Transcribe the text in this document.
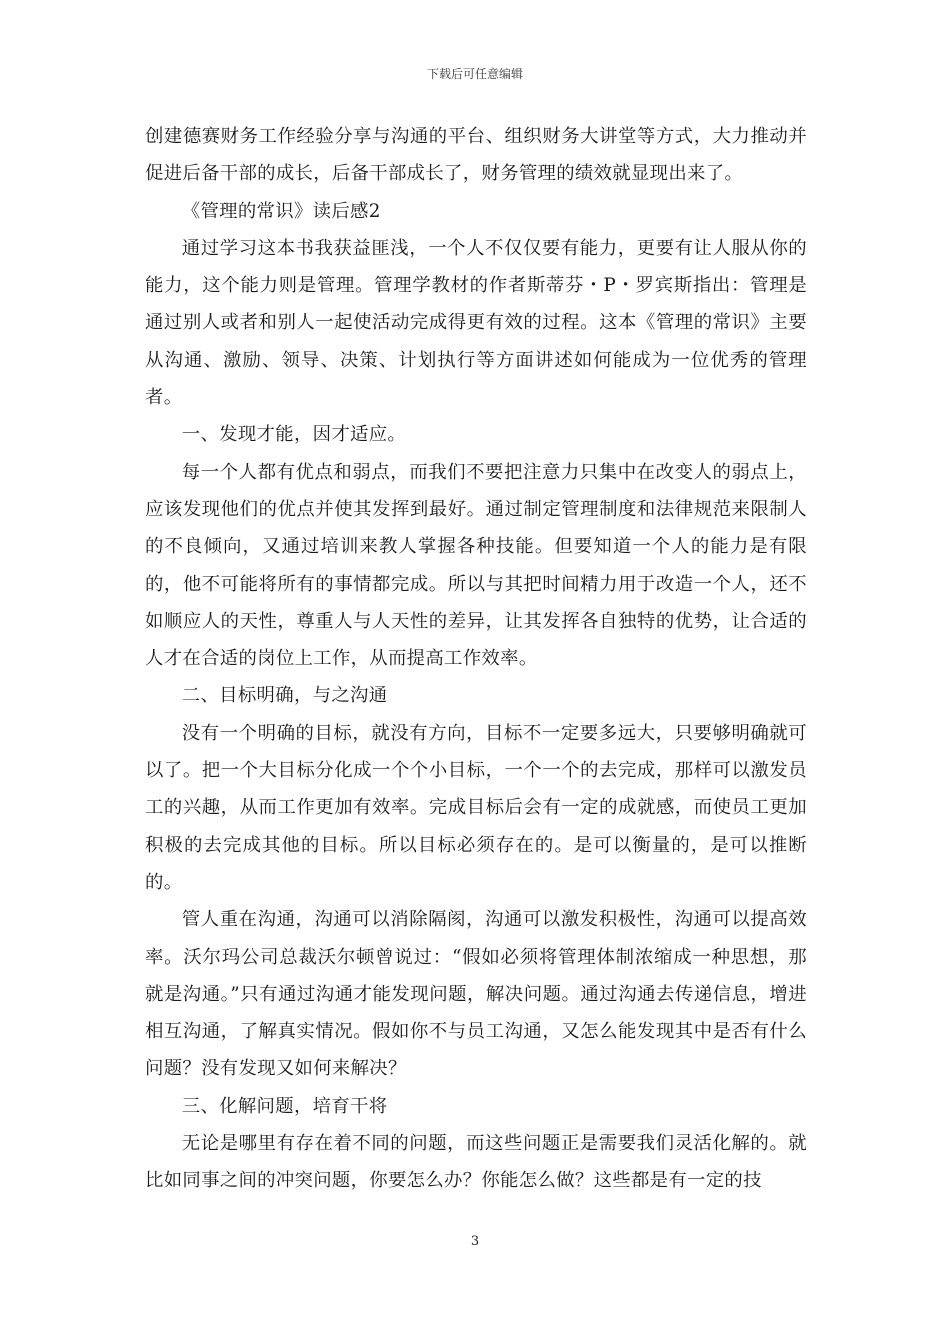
下载后可任意编辑

创建德赛财务工作经验分享与沟通的平台、组织财务大讲堂等方式，大力推动并促进后备干部的成长，后备干部成长了，财务管理的绩效就显现出来了。

《管理的常识》读后感2

通过学习这本书我获益匪浅，一个人不仅仅要有能力，更要有让人服从你的能力，这个能力则是管理。管理学教材的作者斯蒂芬・P・罗宾斯指出：管理是通过别人或者和别人一起使活动完成得更有效的过程。这本《管理的常识》主要从沟通、激励、领导、决策、计划执行等方面讲述如何能成为一位优秀的管理者。

一、发现才能，因才适应。

每一个人都有优点和弱点，而我们不要把注意力只集中在改变人的弱点上，应该发现他们的优点并使其发挥到最好。通过制定管理制度和法律规范来限制人的不良倾向，又通过培训来教人掌握各种技能。但要知道一个人的能力是有限的，他不可能将所有的事情都完成。所以与其把时间精力用于改造一个人，还不如顺应人的天性，尊重人与人天性的差异，让其发挥各自独特的优势，让合适的人才在合适的岗位上工作，从而提高工作效率。

二、目标明确，与之沟通

没有一个明确的目标，就没有方向，目标不一定要多远大，只要够明确就可以了。把一个大目标分化成一个个小目标，一个一个的去完成，那样可以激发员工的兴趣，从而工作更加有效率。完成目标后会有一定的成就感，而使员工更加积极的去完成其他的目标。所以目标必须存在的。是可以衡量的，是可以推断的。

管人重在沟通，沟通可以消除隔阂，沟通可以激发积极性，沟通可以提高效率。沃尔玛公司总裁沃尔顿曾说过：“假如必须将管理体制浓缩成一种思想，那就是沟通。”只有通过沟通才能发现问题，解决问题。通过沟通去传递信息，增进相互沟通，了解真实情况。假如你不与员工沟通，又怎么能发现其中是否有什么问题？没有发现又如何来解决？

三、化解问题，培育干将

无论是哪里有存在着不同的问题，而这些问题正是需要我们灵活化解的。就比如同事之间的冲突问题，你要怎么办？你能怎么做？这些都是有一定的技

3
